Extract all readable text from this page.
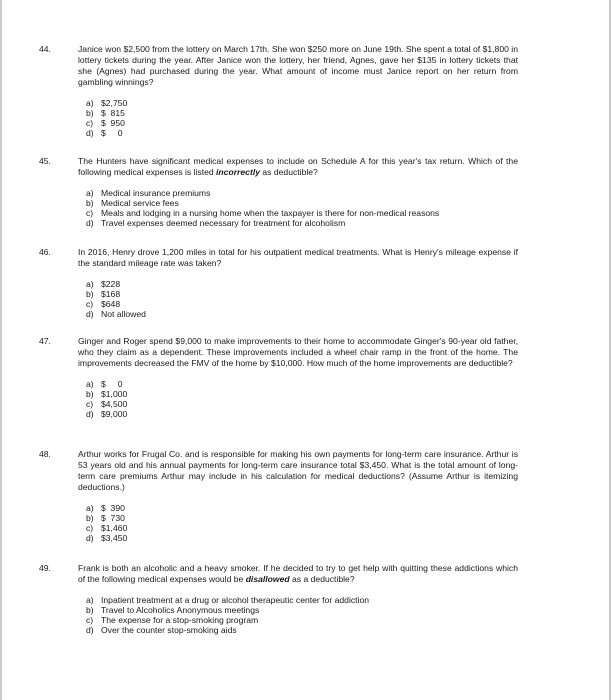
44.	Janice won $2,500 from the lottery on March 17th. She won $250 more on June 19th. She spent a total of $1,800 in lottery tickets during the year. After Janice won the lottery, her friend, Agnes, gave her $135 in lottery tickets that she (Agnes) had purchased during the year. What amount of income must Janice report on her return from gambling winnings?
a) $2,750
b) $  815
c) $  950
d) $     0
45.	The Hunters have significant medical expenses to include on Schedule A for this year's tax return. Which of the following medical expenses is listed incorrectly as deductible?
a) Medical insurance premiums
b) Medical service fees
c) Meals and lodging in a nursing home when the taxpayer is there for non-medical reasons
d) Travel expenses deemed necessary for treatment for alcoholism
46.	In 2016, Henry drove 1,200 miles in total for his outpatient medical treatments. What is Henry's mileage expense if the standard mileage rate was taken?
a) $228
b) $168
c) $648
d) Not allowed
47.	Ginger and Roger spend $9,000 to make improvements to their home to accommodate Ginger's 90-year old father, who they claim as a dependent. These improvements included a wheel chair ramp in the front of the home. The improvements decreased the FMV of the home by $10,000. How much of the home improvements are deductible?
a) $     0
b) $1,000
c) $4,500
d) $9,000
48.	Arthur works for Frugal Co. and is responsible for making his own payments for long-term care insurance. Arthur is 53 years old and his annual payments for long-term care insurance total $3,450. What is the total amount of long-term care premiums Arthur may include in his calculation for medical deductions? (Assume Arthur is itemizing deductions.)
a) $  390
b) $  730
c) $1,460
d) $3,450
49.	Frank is both an alcoholic and a heavy smoker. If he decided to try to get help with quitting these addictions which of the following medical expenses would be disallowed as a deductible?
a) Inpatient treatment at a drug or alcohol therapeutic center for addiction
b) Travel to Alcoholics Anonymous meetings
c) The expense for a stop-smoking program
d) Over the counter stop-smoking aids
